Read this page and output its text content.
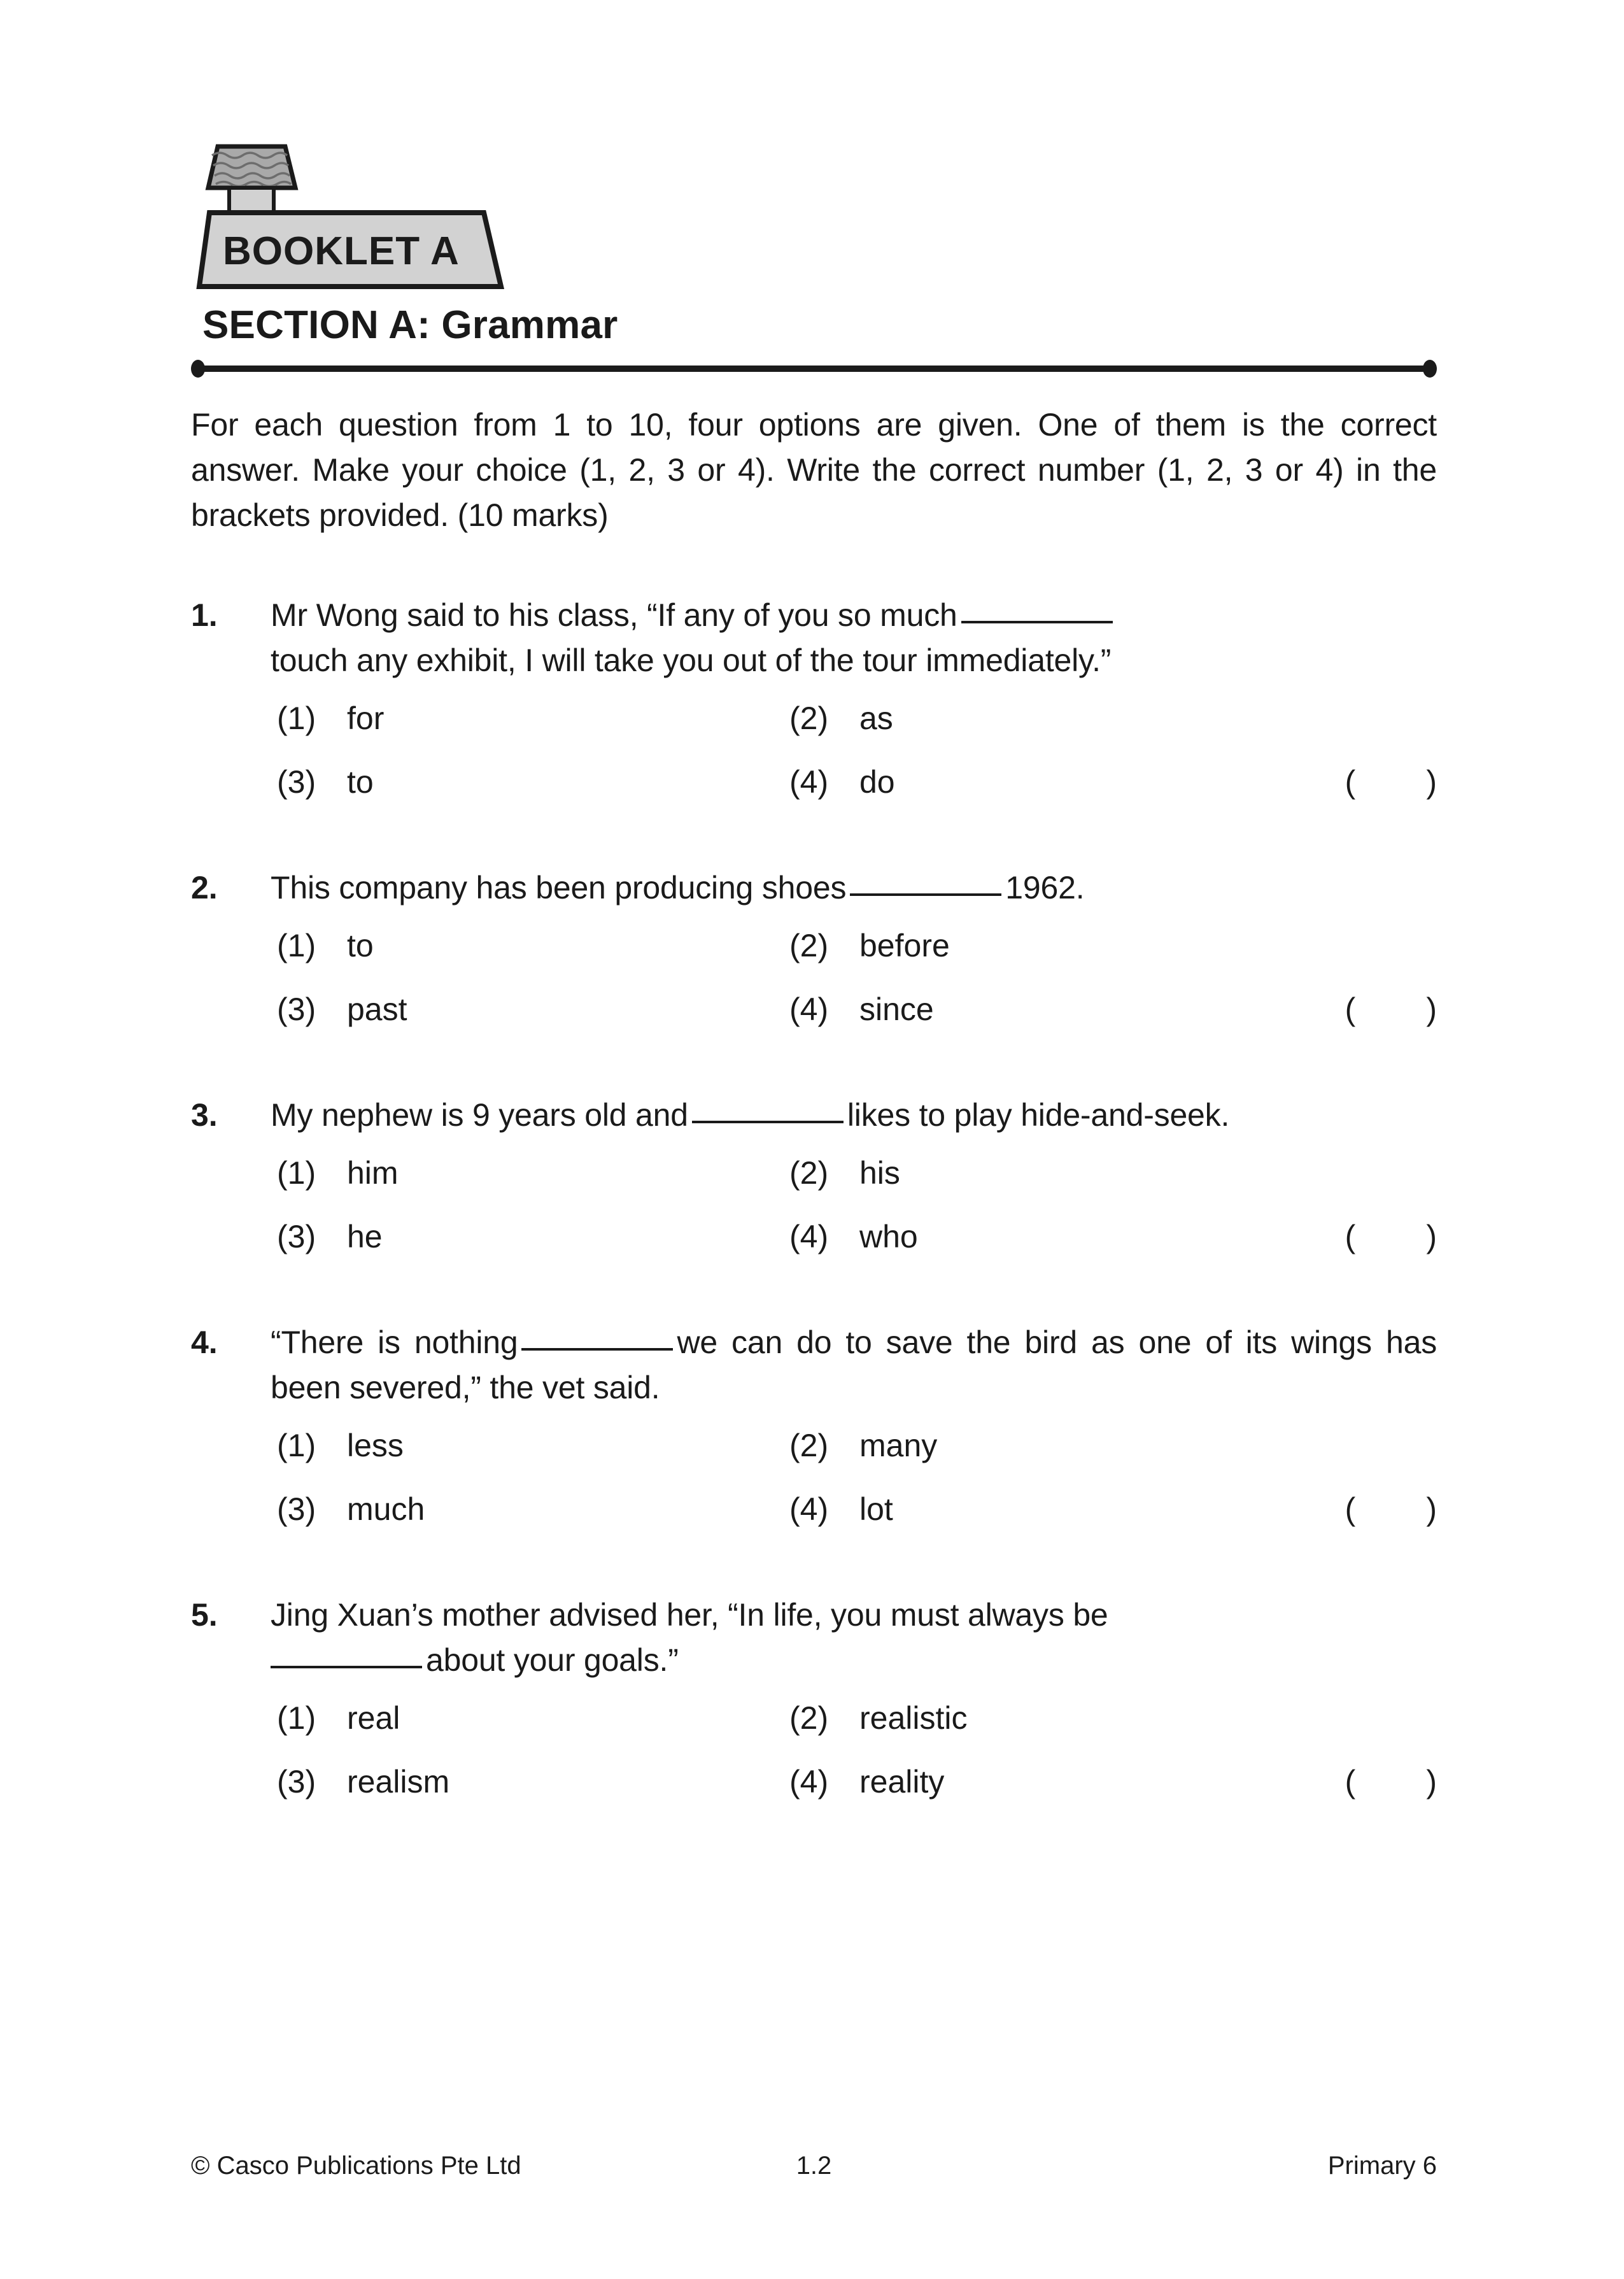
BOOKLET A
SECTION A: Grammar

For each question from 1 to 10, four options are given. One of them is the correct answer. Make your choice (1, 2, 3 or 4). Write the correct number (1, 2, 3 or 4) in the brackets provided. (10 marks)

1. Mr Wong said to his class, “If any of you so much
touch any exhibit, I will take you out of the tour immediately.”
(1) for	(2) as
(3) to	(4) do	(        )
2. This company has been producing shoes	1962.
(1) to	(2) before
(3) past	(4) since	(        )
3. My nephew is 9 years old and	likes to play hide-and-seek.
(1) him	(2) his
(3) he	(4) who	(        )
4. “There is nothing	we can do to save the bird as one of its wings has been severed,” the vet said.
(1) less	(2) many
(3) much	(4) lot	(        )
5. Jing Xuan’s mother advised her, “In life, you must always be
about your goals.”
(1) real	(2) realistic
(3) realism	(4) reality	(        )
© Casco Publications Pte Ltd	1.2	Primary 6
